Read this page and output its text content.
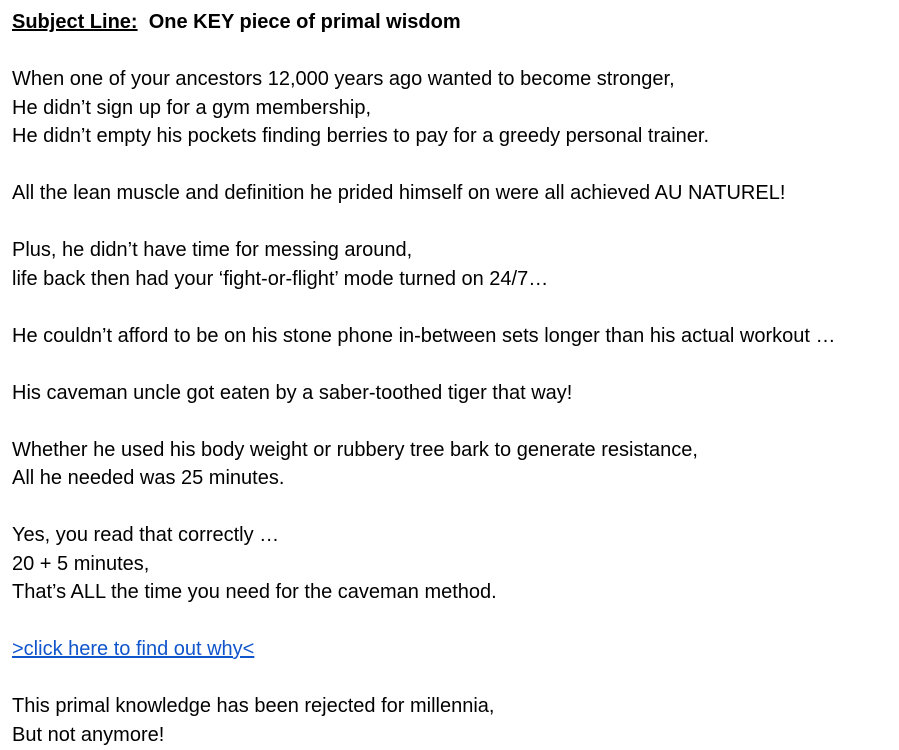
Subject Line: One KEY piece of primal wisdom

When one of your ancestors 12,000 years ago wanted to become stronger,
He didn’t sign up for a gym membership,
He didn’t empty his pockets finding berries to pay for a greedy personal trainer.

All the lean muscle and definition he prided himself on were all achieved AU NATUREL!

Plus, he didn’t have time for messing around,
life back then had your ‘fight-or-flight’ mode turned on 24/7…

He couldn’t afford to be on his stone phone in-between sets longer than his actual workout …

His caveman uncle got eaten by a saber-toothed tiger that way!

Whether he used his body weight or rubbery tree bark to generate resistance,
All he needed was 25 minutes.

Yes, you read that correctly …
20 + 5 minutes,
That’s ALL the time you need for the caveman method.

>click here to find out why<

This primal knowledge has been rejected for millennia,
But not anymore!
